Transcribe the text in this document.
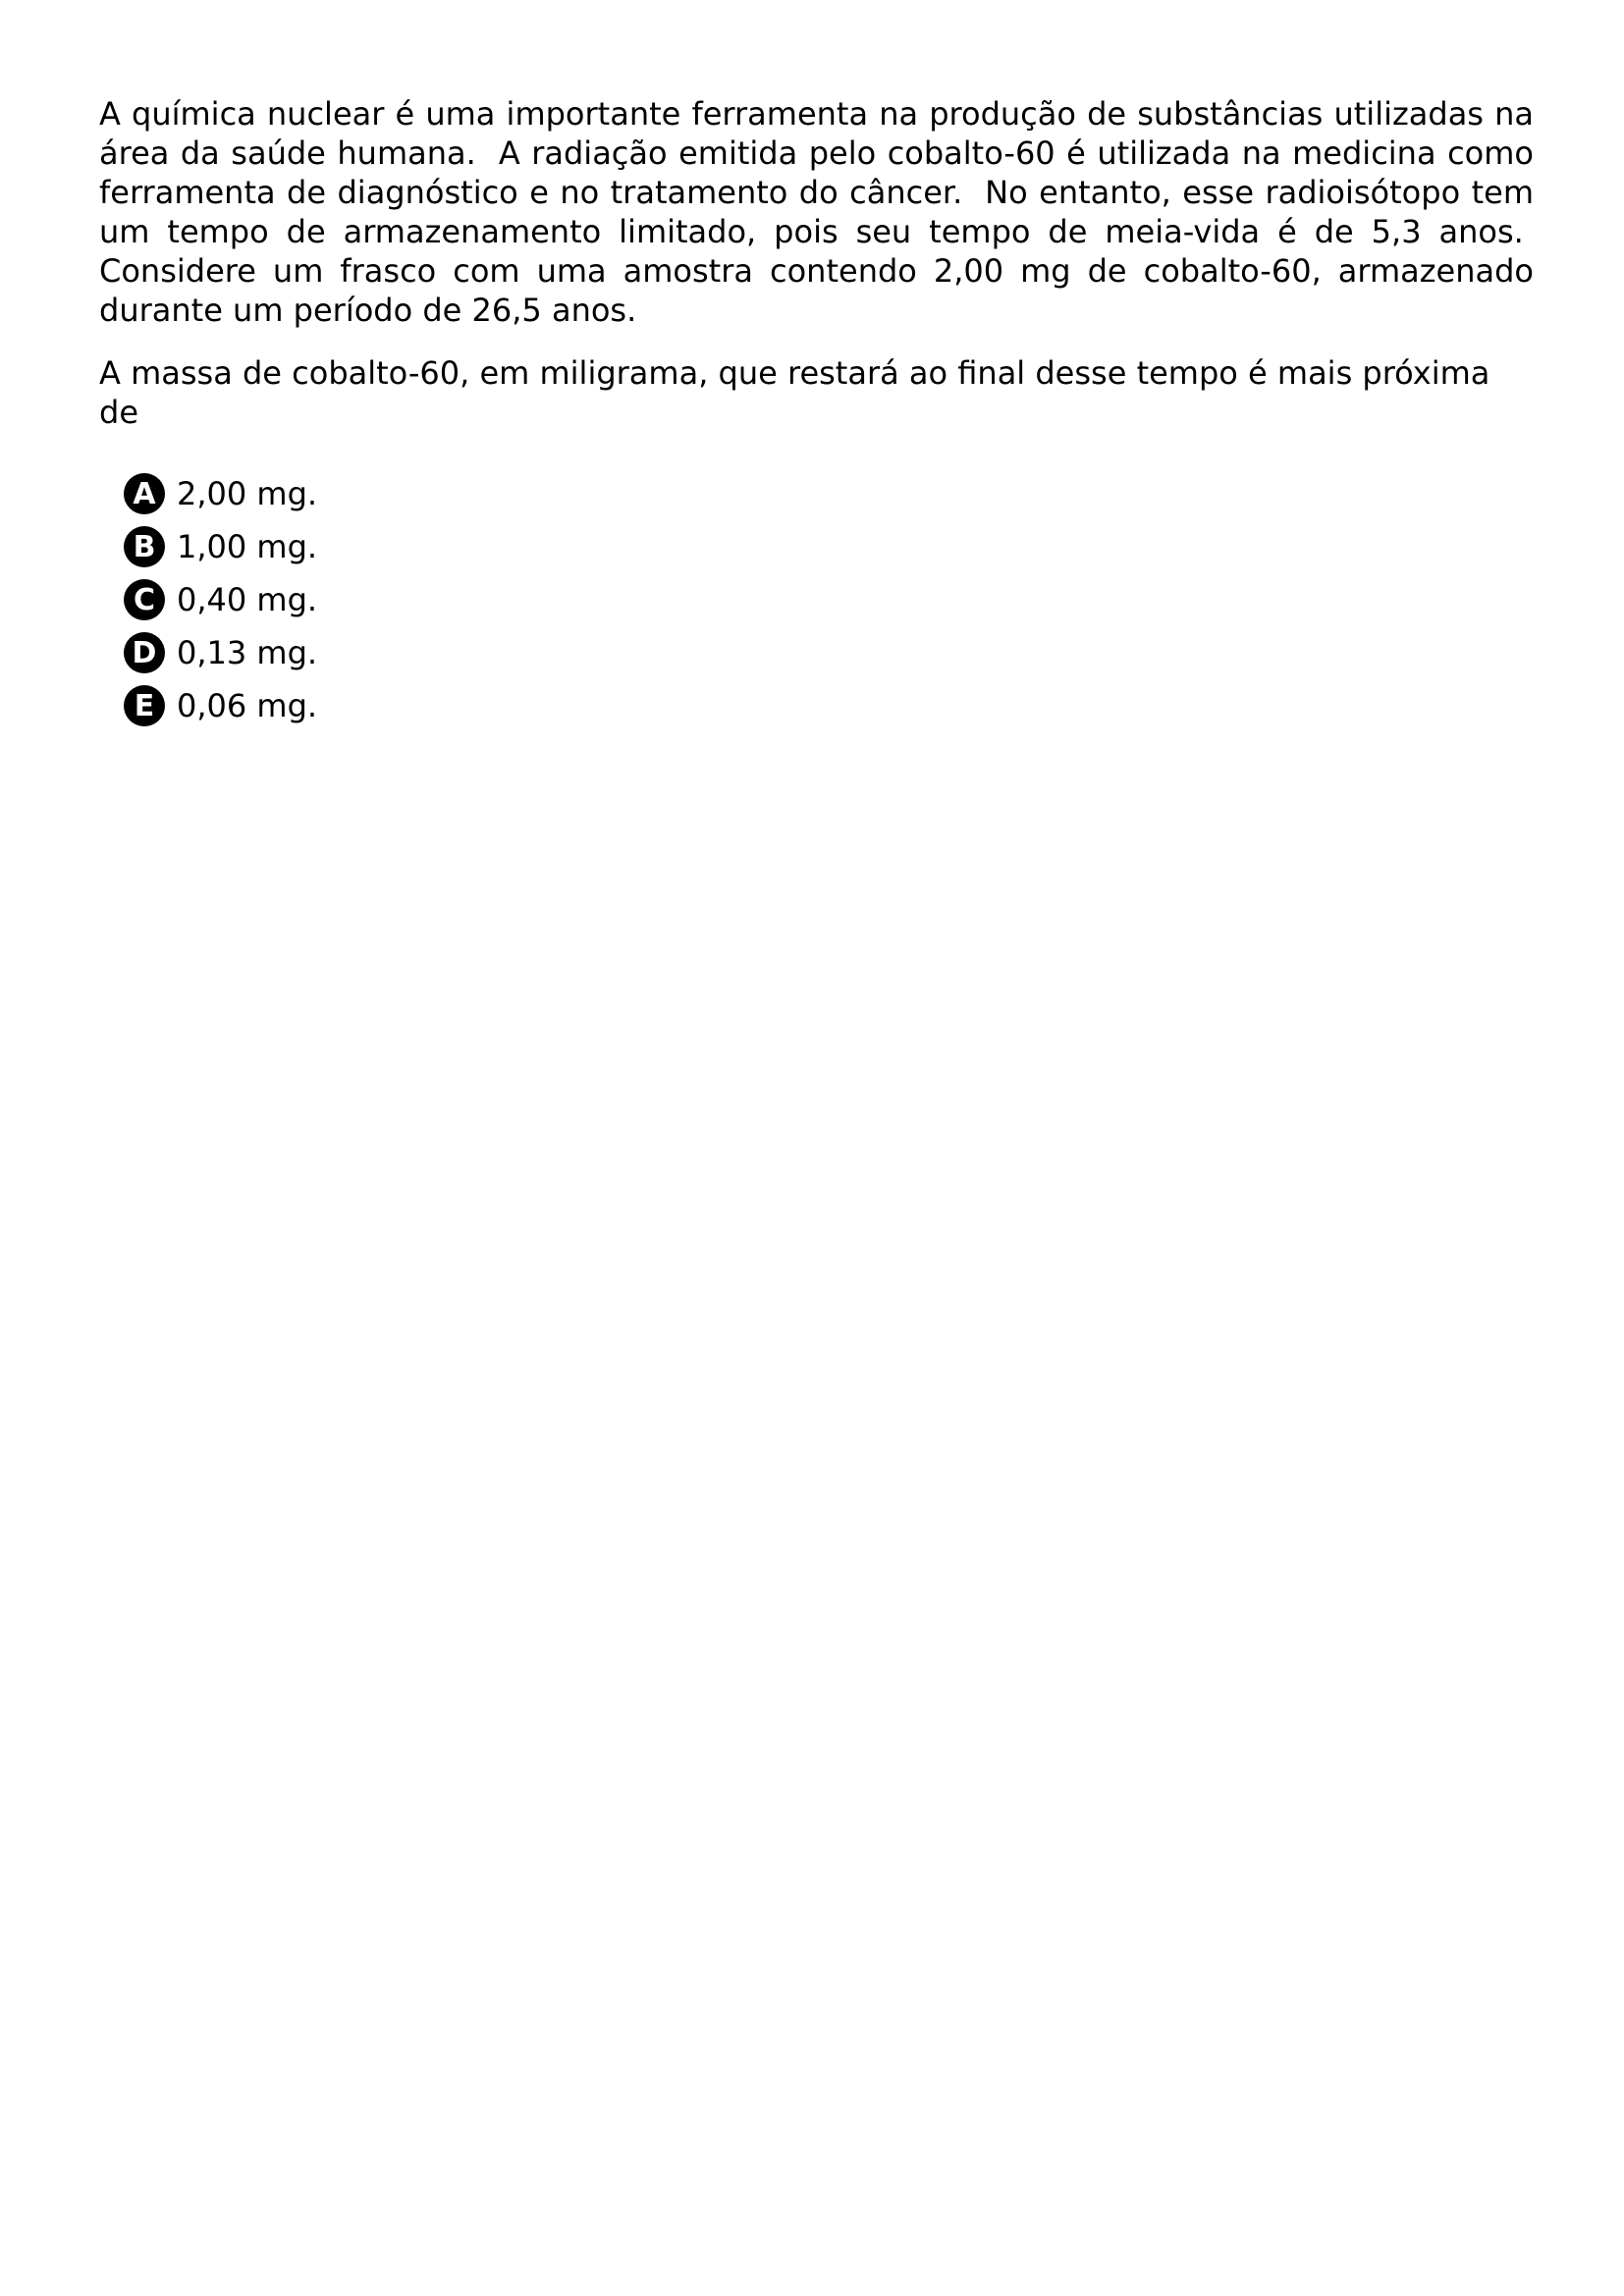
A química nuclear é uma importante ferramenta na produção de substâncias utilizadas na área da saúde humana.  A radiação emitida pelo cobalto-60 é utilizada na medicina como ferramenta de diagnóstico e no tratamento do câncer.  No entanto, esse radioisótopo tem um tempo de armazenamento limitado, pois seu tempo de meia-vida é de 5,3 anos.  Considere um frasco com uma amostra contendo 2,00 mg de cobalto-60, armazenado durante um período de 26,5 anos.

A massa de cobalto-60, em miligrama, que restará ao final desse tempo é mais próxima de

A 2,00 mg.
B 1,00 mg.
C 0,40 mg.
D 0,13 mg.
E 0,06 mg.
